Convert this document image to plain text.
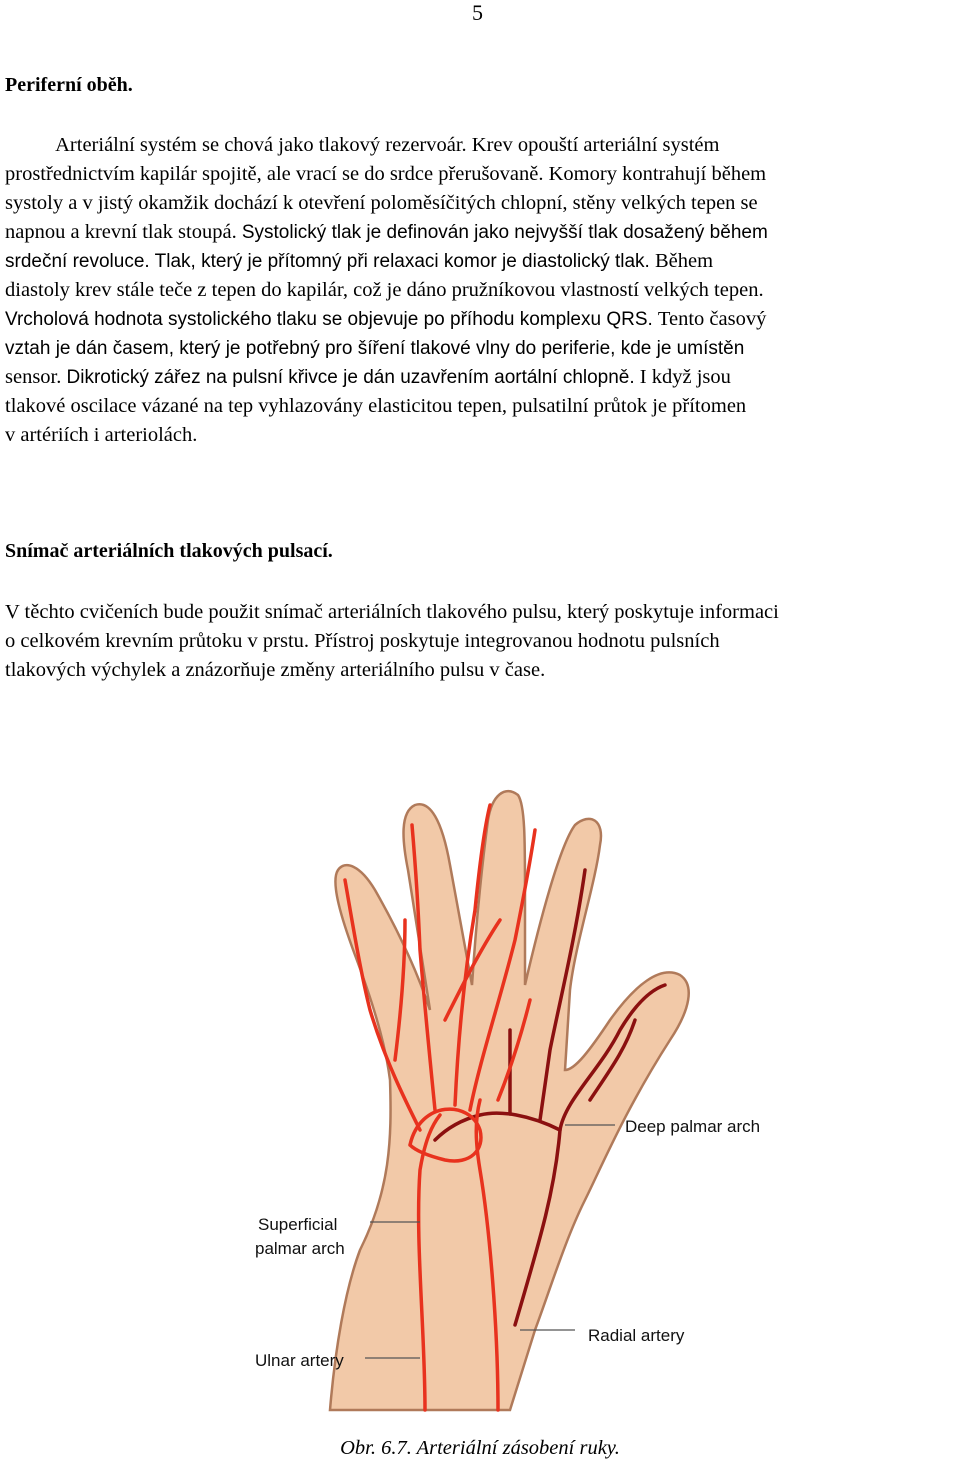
5
Periferní oběh.
Arteriální systém se chová jako tlakový rezervoár. Krev opouští arteriální systém
prostřednictvím kapilár spojitě, ale vrací se do srdce přerušovaně. Komory kontrahují během
systoly a v jistý okamžik dochází k otevření poloměsíčitých chlopní, stěny velkých tepen se
napnou a krevní tlak stoupá. Systolický tlak je definován jako nejvyšší tlak dosažený během
srdeční revoluce. Tlak, který je přítomný při relaxaci komor je diastolický tlak. Během
diastoly krev stále teče z tepen do kapilár, což je dáno pružníkovou vlastností velkých tepen.
Vrcholová hodnota systolického tlaku se objevuje po příhodu komplexu QRS. Tento časový
vztah je dán časem, který je potřebný pro šíření tlakové vlny do periferie, kde je umístěn
sensor. Dikrotický zářez na pulsní křivce je dán uzavřením aortální chlopně. I když jsou
tlakové oscilace vázané na tep vyhlazovány elasticitou tepen, pulsatilní průtok je přítomen
v artériích i arteriolách.
Snímač arteriálních tlakových pulsací.
V těchto cvičeních bude použit snímač arteriálních tlakového pulsu, který poskytuje informaci
o celkovém krevním průtoku v prstu. Přístroj poskytuje integrovanou hodnotu pulsních
tlakových výchylek a znázorňuje změny arteriálního pulsu v čase.
Deep palmar arch
Superficial
palmar arch
Radial artery
Ulnar artery
Obr. 6.7. Arteriální zásobení ruky.
